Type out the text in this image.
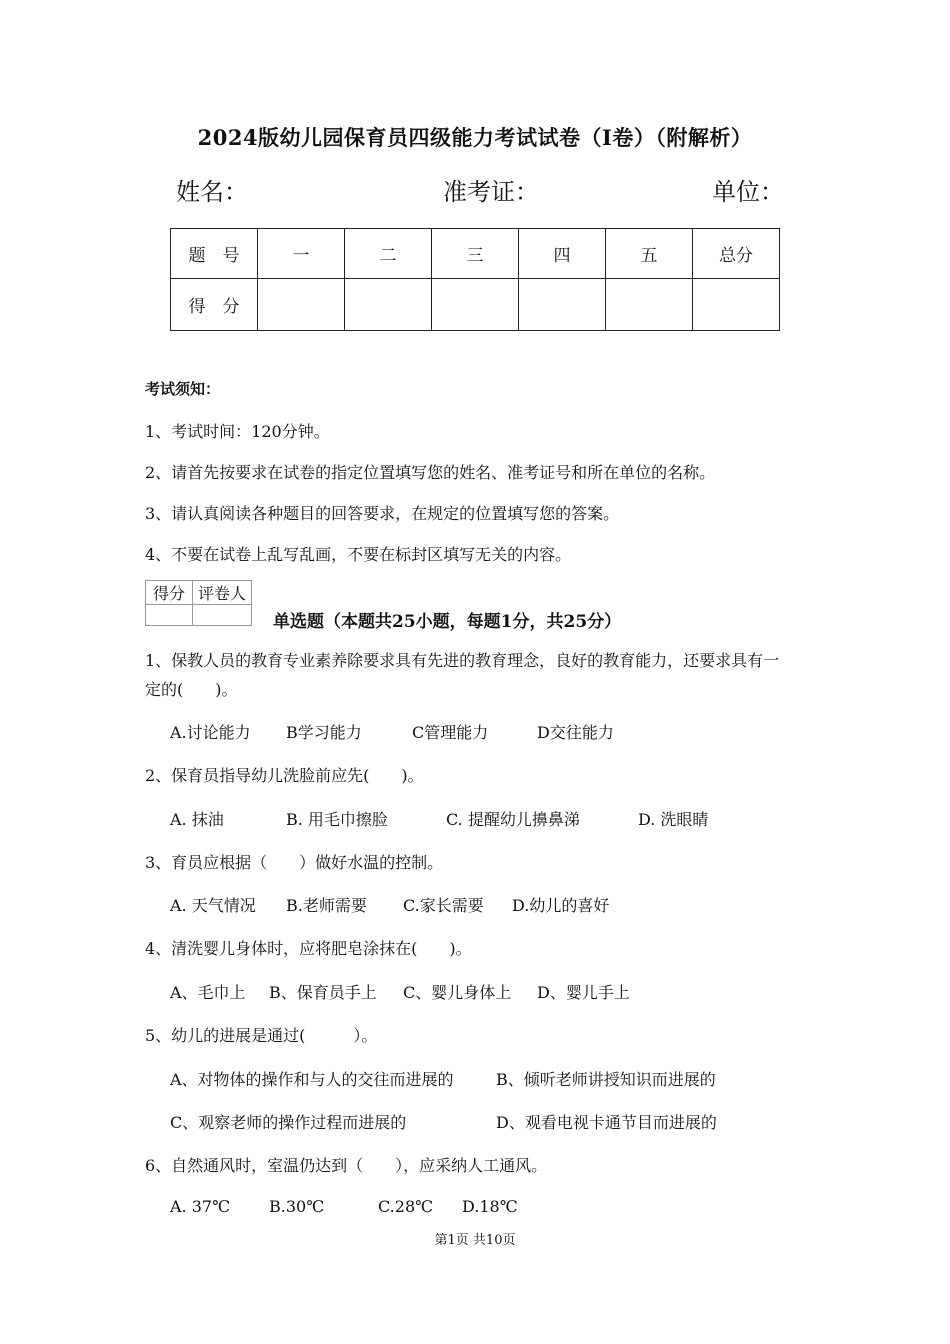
2024版幼儿园保育员四级能力考试试卷（I卷）（附解析）
姓名：	准考证：	单位：
题　号	一	二	三	四	五	总分
得　分						
考试须知：
1、考试时间：120分钟。
2、请首先按要求在试卷的指定位置填写您的姓名、准考证号和所在单位的名称。
3、请认真阅读各种题目的回答要求，在规定的位置填写您的答案。
4、不要在试卷上乱写乱画，不要在标封区填写无关的内容。
得分	评卷人

单选题（本题共25小题，每题1分，共25分）
1、保教人员的教育专业素养除要求具有先进的教育理念，良好的教育能力，还要求具有一
定的(　　)。
A.讨论能力 B学习能力	C管理能力	D交往能力
2、保育员指导幼儿洗脸前应先(　　)。
A. 抹油	B. 用毛巾擦脸	C. 提醒幼儿擤鼻涕	D. 洗眼睛
3、育员应根据（　　）做好水温的控制。
A. 天气情况 B.老师需要 C.家长需要 D.幼儿的喜好
4、清洗婴儿身体时，应将肥皂涂抹在(　　)。
A、毛巾上 B、保育员手上 C、婴儿身体上 D、婴儿手上
5、幼儿的进展是通过(　　　）。
A、对物体的操作和与人的交往而进展的	B、倾听老师讲授知识而进展的
C、观察老师的操作过程而进展的	D、观看电视卡通节目而进展的
6、自然通风时，室温仍达到（　　），应采纳人工通风。
A. 37℃ B.30℃	C.28℃ D.18℃
第1页 共10页
